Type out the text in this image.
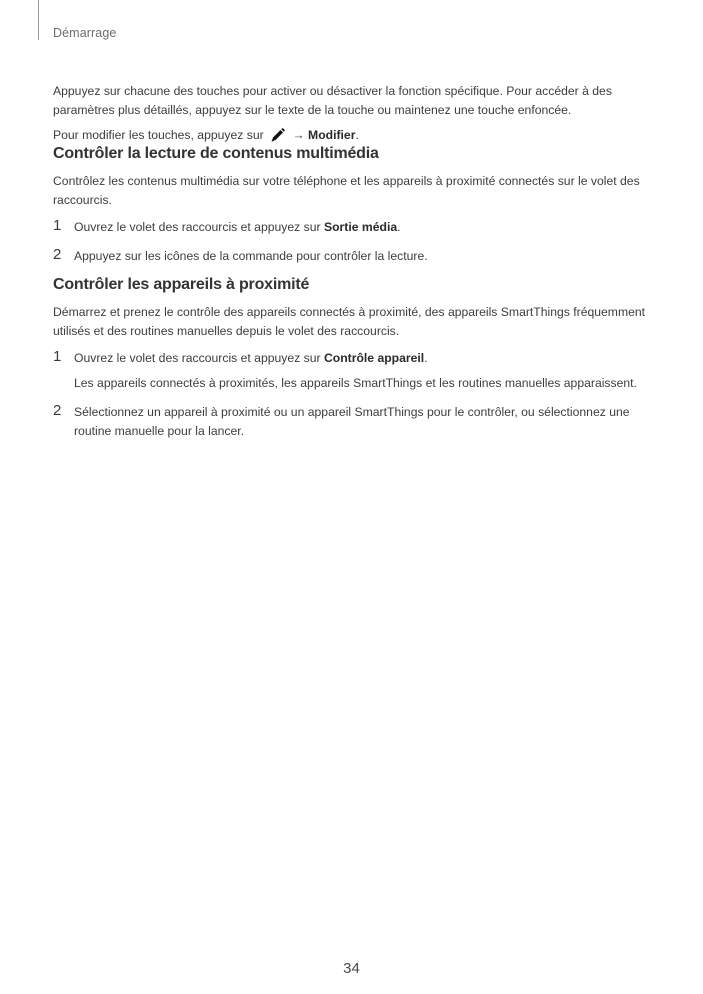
Démarrage

Appuyez sur chacune des touches pour activer ou désactiver la fonction spécifique. Pour accéder à des paramètres plus détaillés, appuyez sur le texte de la touche ou maintenez une touche enfoncée.

Pour modifier les touches, appuyez sur  → Modifier.

Contrôler la lecture de contenus multimédia

Contrôlez les contenus multimédia sur votre téléphone et les appareils à proximité connectés sur le volet des raccourcis.

1 Ouvrez le volet des raccourcis et appuyez sur Sortie média.
2 Appuyez sur les icônes de la commande pour contrôler la lecture.
Contrôler les appareils à proximité

Démarrez et prenez le contrôle des appareils connectés à proximité, des appareils SmartThings fréquemment utilisés et des routines manuelles depuis le volet des raccourcis.

1 Ouvrez le volet des raccourcis et appuyez sur Contrôle appareil.
Les appareils connectés à proximités, les appareils SmartThings et les routines manuelles apparaissent.
2 Sélectionnez un appareil à proximité ou un appareil SmartThings pour le contrôler, ou sélectionnez une routine manuelle pour la lancer.
34
